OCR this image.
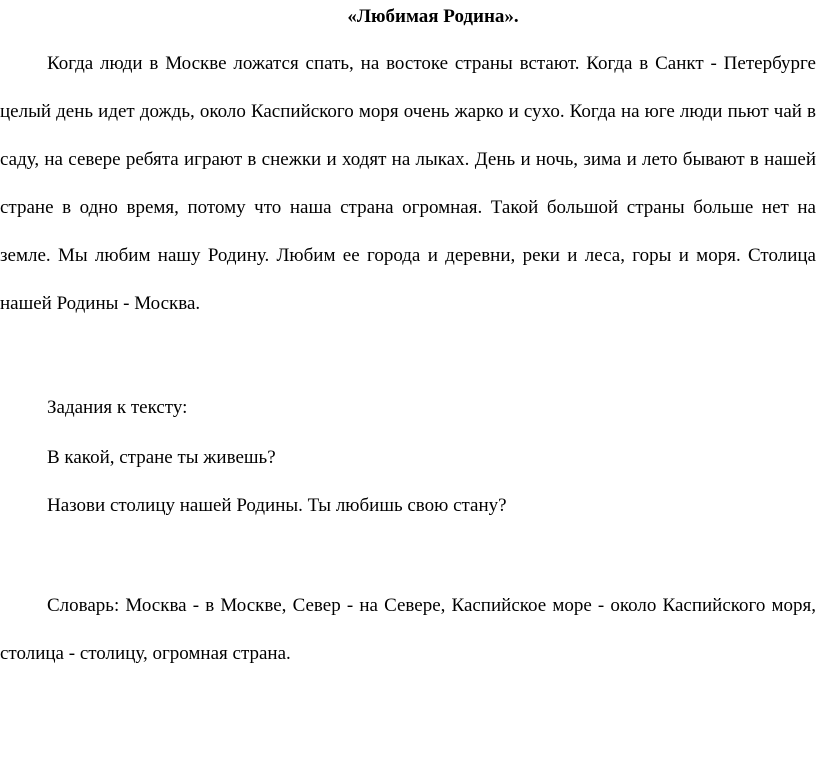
«Любимая Родина».

Когда люди в Москве ложатся спать, на востоке страны встают. Когда в Санкт - Петербурге целый день идет дождь, около Каспийского моря очень жарко и сухо. Когда на юге люди пьют чай в саду, на севере ребята играют в снежки и ходят на лыках. День и ночь, зима и лето бывают в нашей стране в одно время, потому что наша страна огромная. Такой большой страны больше нет на земле. Мы любим нашу Родину. Любим ее города и деревни, реки и леса, горы и моря. Столица нашей Родины - Москва.

Задания к тексту:
В какой, стране ты живешь?
Назови столицу нашей Родины. Ты любишь свою стану?

Словарь: Москва - в Москве, Север - на Севере, Каспийское море - около Каспийского моря, столица - столицу, огромная страна.
